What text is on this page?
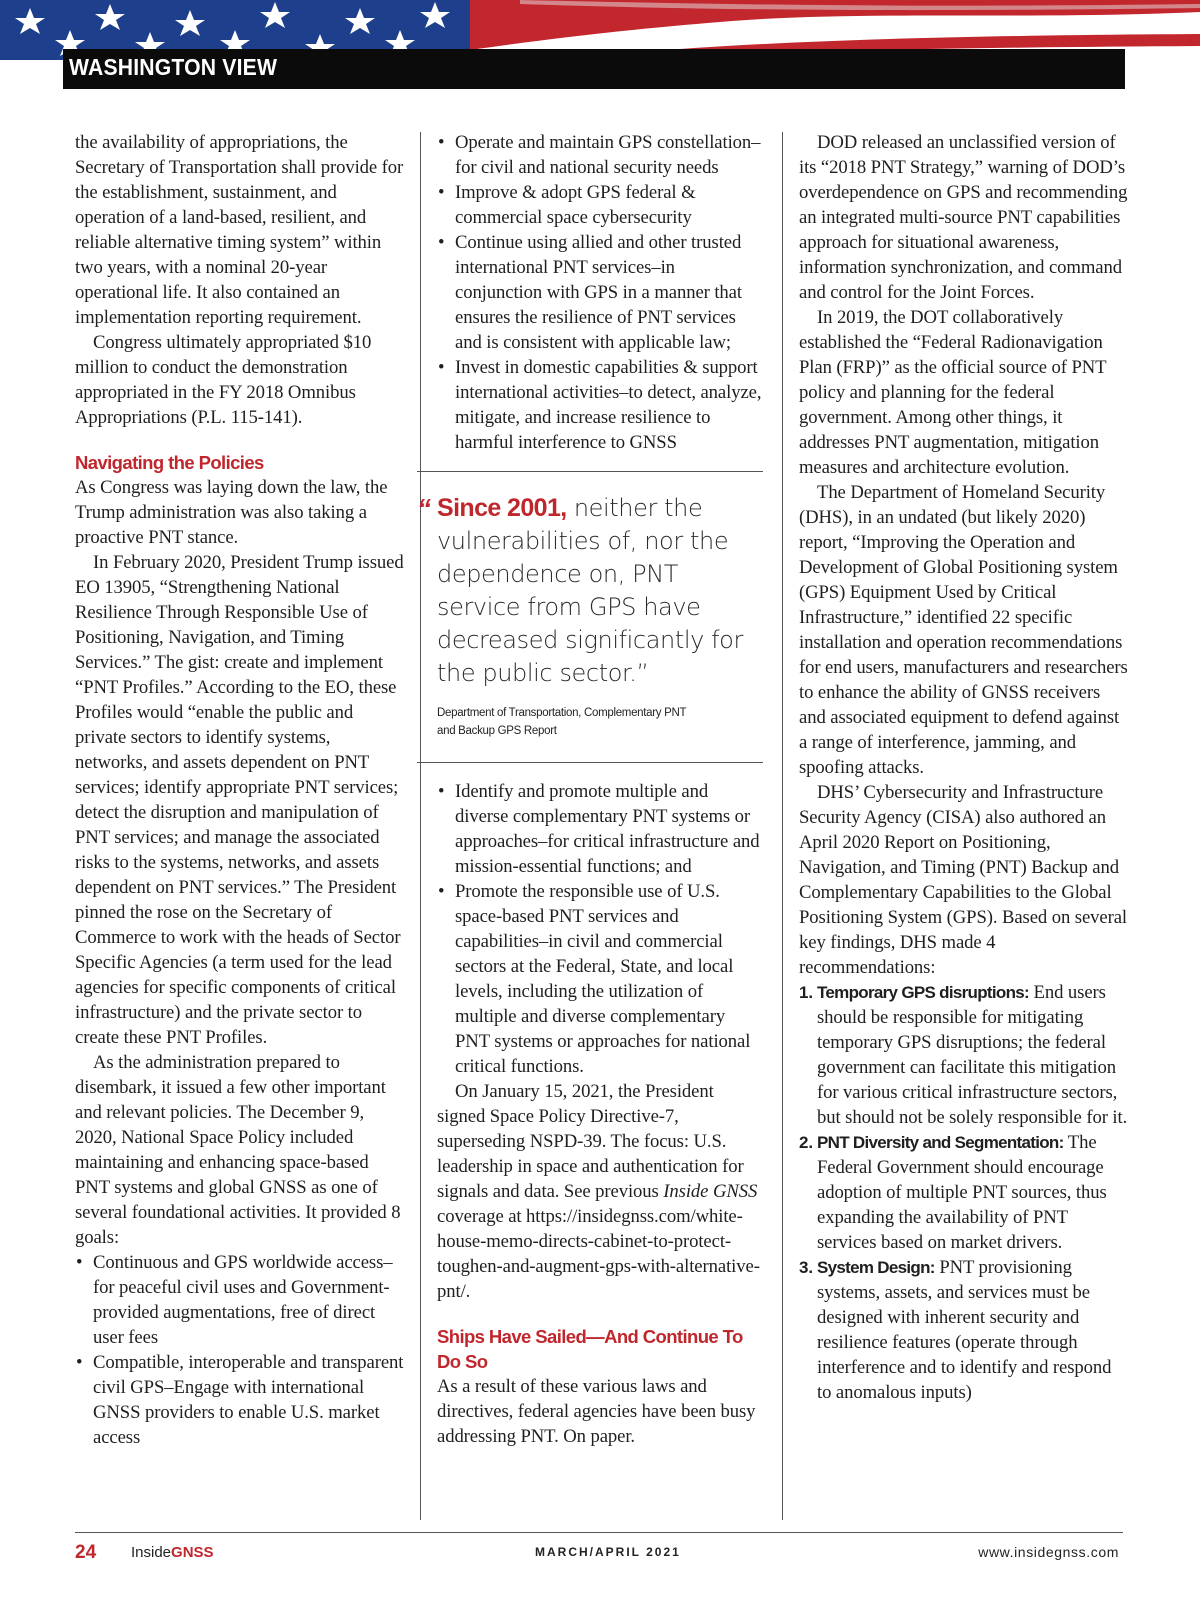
WASHINGTON VIEW

the availability of appropriations, the Secretary of Transportation shall provide for the establishment, sustainment, and operation of a land-based, resilient, and reliable alternative timing system” within two years, with a nominal 20-year operational life. It also contained an implementation reporting requirement.

Congress ultimately appropriated $10 million to conduct the demonstration appropriated in the FY 2018 Omnibus Appropriations (P.L. 115-141).

Navigating the Policies

As Congress was laying down the law, the Trump administration was also taking a proactive PNT stance.

In February 2020, President Trump issued EO 13905, “Strengthening National Resilience Through Responsible Use of Positioning, Navigation, and Timing Services.” The gist: create and implement “PNT Profiles.” According to the EO, these Profiles would “enable the public and private sectors to identify systems, networks, and assets dependent on PNT services; identify appropriate PNT services; detect the disruption and manipulation of PNT services; and manage the associated risks to the systems, networks, and assets dependent on PNT services.” The President pinned the rose on the Secretary of Commerce to work with the heads of Sector Specific Agencies (a term used for the lead agencies for specific components of critical infrastructure) and the private sector to create these PNT Profiles.

As the administration prepared to disembark, it issued a few other important and relevant policies. The December 9, 2020, National Space Policy included maintaining and enhancing space-based PNT systems and global GNSS as one of several foundational activities. It provided 8 goals:

• Continuous and GPS worldwide access–for peaceful civil uses and Government-provided augmentations, free of direct user fees
• Compatible, interoperable and transparent civil GPS–Engage with international GNSS providers to enable U.S. market access
• Operate and maintain GPS constellation–for civil and national security needs
• Improve & adopt GPS federal & commercial space cybersecurity
• Continue using allied and other trusted international PNT services–in conjunction with GPS in a manner that ensures the resilience of PNT services and is consistent with applicable law;
• Invest in domestic capabilities & support international activities–to detect, analyze, mitigate, and increase resilience to harmful interference to GNSS
“ Since 2001, neither the vulnerabilities of, nor the dependence on, PNT service from GPS have decreased significantly for the public sector.”
Department of Transportation, Complementary PNT and Backup GPS Report
• Identify and promote multiple and diverse complementary PNT systems or approaches–for critical infrastructure and mission-essential functions; and
• Promote the responsible use of U.S. space-based PNT services and capabilities–in civil and commercial sectors at the Federal, State, and local levels, including the utilization of multiple and diverse complementary PNT systems or approaches for national critical functions.

On January 15, 2021, the President signed Space Policy Directive-7, superseding NSPD-39. The focus: U.S. leadership in space and authentication for signals and data. See previous Inside GNSS coverage at https://insidegnss.com/white-house-memo-directs-cabinet-to-protect-toughen-and-augment-gps-with-alternative-pnt/.

Ships Have Sailed—And Continue To Do So

As a result of these various laws and directives, federal agencies have been busy addressing PNT. On paper.

DOD released an unclassified version of its “2018 PNT Strategy,” warning of DOD’s overdependence on GPS and recommending an integrated multi-source PNT capabilities approach for situational awareness, information synchronization, and command and control for the Joint Forces.

In 2019, the DOT collaboratively established the “Federal Radionavigation Plan (FRP)” as the official source of PNT policy and planning for the federal government. Among other things, it addresses PNT augmentation, mitigation measures and architecture evolution.

The Department of Homeland Security (DHS), in an undated (but likely 2020) report, “Improving the Operation and Development of Global Positioning system (GPS) Equipment Used by Critical Infrastructure,” identified 22 specific installation and operation recommendations for end users, manufacturers and researchers to enhance the ability of GNSS receivers and associated equipment to defend against a range of interference, jamming, and spoofing attacks.

DHS’ Cybersecurity and Infrastructure Security Agency (CISA) also authored an April 2020 Report on Positioning, Navigation, and Timing (PNT) Backup and Complementary Capabilities to the Global Positioning System (GPS). Based on several key findings, DHS made 4 recommendations:

1. Temporary GPS disruptions: End users should be responsible for mitigating temporary GPS disruptions; the federal government can facilitate this mitigation for various critical infrastructure sectors, but should not be solely responsible for it.
2. PNT Diversity and Segmentation: The Federal Government should encourage adoption of multiple PNT sources, thus expanding the availability of PNT services based on market drivers.
3. System Design: PNT provisioning systems, assets, and services must be designed with inherent security and resilience features (operate through interference and to identify and respond to anomalous inputs)
24 InsideGNSS	MARCH/APRIL 2021	www.insidegnss.com
